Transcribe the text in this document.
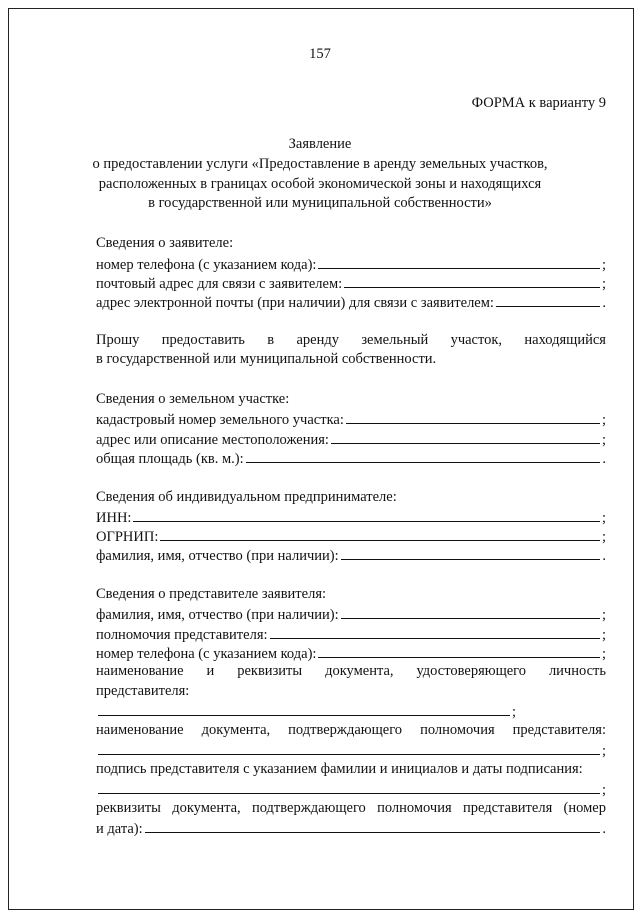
157
ФОРМА к варианту 9
Заявление
о предоставлении услуги «Предоставление в аренду земельных участков,
расположенных в границах особой экономической зоны и находящихся
в государственной или муниципальной собственности»
Сведения о заявителе:
номер телефона (с указанием кода):	;
почтовый адрес для связи с заявителем:	;
адрес электронной почты (при наличии) для связи с заявителем:	.
Прошу предоставить в аренду земельный участок, находящийся
в государственной или муниципальной собственности.
Сведения о земельном участке:
кадастровый номер земельного участка:	;
адрес или описание местоположения:	;
общая площадь (кв. м.):	.
Сведения об индивидуальном предпринимателе:
ИНН:	;
ОГРНИП:	;
фамилия, имя, отчество (при наличии):	.
Сведения о представителе заявителя:
фамилия, имя, отчество (при наличии):	;
полномочия представителя:	;
номер телефона (с указанием кода):	;
наименование и реквизиты документа, удостоверяющего личность
представителя:
;
наименование документа, подтверждающего полномочия представителя:
;
подпись представителя с указанием фамилии и инициалов и даты подписания:
;
реквизиты документа, подтверждающего полномочия представителя (номер
и дата):	.
